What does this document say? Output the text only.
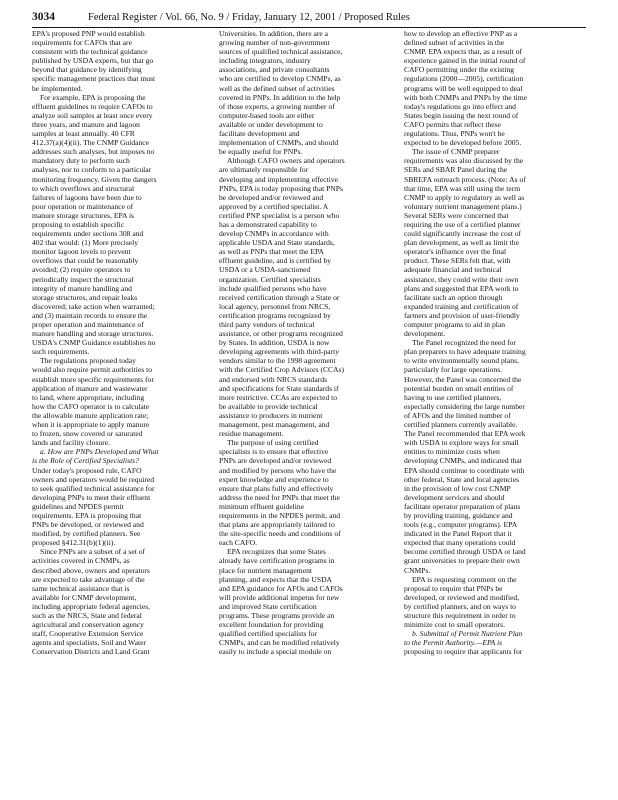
3034	Federal Register / Vol. 66, No. 9 / Friday, January 12, 2001 / Proposed Rules
EPA's proposed PNP would establish
requirements for CAFOs that are
consistent with the technical guidance
published by USDA experts, but that go
beyond that guidance by identifying
specific management practices that must
be implemented.
For example, EPA is proposing the
effluent guidelines to require CAFOs to
analyze soil samples at least once every
three years, and manure and lagoon
samples at least annually. 40 CFR
412.37(a)(4)(ii). The CNMP Guidance
addresses such analyses, but imposes no
mandatory duty to perform such
analyses, nor to conform to a particular
monitoring frequency. Given the dangers
to which overflows and structural
failures of lagoons have been due to
poor operation or maintenance of
manure storage structures, EPA is
proposing to establish specific
requirements under sections 308 and
402 that would: (1) More precisely
monitor lagoon levels to prevent
overflows that could be reasonably
avoided; (2) require operators to
periodically inspect the structural
integrity of manure handling and
storage structures, and repair leaks
discovered; take action when warranted;
and (3) maintain records to ensure the
proper operation and maintenance of
manure handling and storage structures.
USDA's CNMP Guidance establishes no
such requirements.
The regulations proposed today
would also require permit authorities to
establish more specific requirements for
application of manure and wastewater
to land, where appropriate, including
how the CAFO operator is to calculate
the allowable manure application rate;
when it is appropriate to apply manure
to frozen, snow covered or saturated
lands and facility closure.
a. How are PNPs Developed and What
is the Role of Certified Specialists?
Under today's proposed rule, CAFO
owners and operators would be required
to seek qualified technical assistance for
developing PNPs to meet their effluent
guidelines and NPDES permit
requirements. EPA is proposing that
PNPs be developed, or reviewed and
modified, by certified planners. See
proposed §412.31(b)(1)(ii).
Since PNPs are a subset of a set of
activities covered in CNMPs, as
described above, owners and operators
are expected to take advantage of the
same technical assistance that is
available for CNMP development,
including appropriate federal agencies,
such as the NRCS, State and federal
agricultural and conservation agency
staff, Cooperative Extension Service
agents and specialists, Soil and Water
Conservation Districts and Land Grant
Universities. In addition, there are a
growing number of non-government
sources of qualified technical assistance,
including integrators, industry
associations, and private consultants
who are certified to develop CNMPs, as
well as the defined subset of activities
covered in PNPs. In addition to the help
of those experts, a growing number of
computer-based tools are either
available or under development to
facilitate development and
implementation of CNMPs, and should
be equally useful for PNPs.
Although CAFO owners and operators
are ultimately responsible for
developing and implementing effective
PNPs, EPA is today proposing that PNPs
be developed and/or reviewed and
approved by a certified specialist. A
certified PNP specialist is a person who
has a demonstrated capability to
develop CNMPs in accordance with
applicable USDA and State standards,
as well as PNPs that meet the EPA
effluent guideline, and is certified by
USDA or a USDA-sanctioned
organization. Certified specialists
include qualified persons who have
received certification through a State or
local agency, personnel from NRCS,
certification programs recognized by
third party vendors of technical
assistance, or other programs recognized
by States. In addition, USDA is now
developing agreements with third-party
vendors similar to the 1998 agreement
with the Certified Crop Advisors (CCAs)
and endorsed with NRCS standards
and specifications for State standards if
more restrictive. CCAs are expected to
be available to provide technical
assistance to producers in nutrient
management, pest management, and
residue management.
The purpose of using certified
specialists is to ensure that effective
PNPs are developed and/or reviewed
and modified by persons who have the
expert knowledge and experience to
ensure that plans fully and effectively
address the need for PNPs that meet the
minimum effluent guideline
requirements in the NPDES permit, and
that plans are appropriately tailored to
the site-specific needs and conditions of
each CAFO.
EPA recognizes that some States
already have certification programs in
place for nutrient management
planning, and expects that the USDA
and EPA guidance for AFOs and CAFOs
will provide additional impetus for new
and improved State certification
programs. These programs provide an
excellent foundation for providing
qualified certified specialists for
CNMPs, and can be modified relatively
easily to include a special module on
how to develop an effective PNP as a
defined subset of activities in the
CNMP. EPA expects that, as a result of
experience gained in the initial round of
CAFO permitting under the existing
regulations (2000—2005), certification
programs will be well equipped to deal
with both CNMPs and PNPs by the time
today's regulations go into effect and
States begin issuing the next round of
CAFO permits that reflect these
regulations. Thus, PNPs won't be
expected to be developed before 2005.
The issue of CNMP preparer
requirements was also discussed by the
SERs and SBAR Panel during the
SBREFA outreach process. (Note: As of
that time, EPA was still using the term
CNMP to apply to regulatory as well as
voluntary nutrient management plans.)
Several SERs were concerned that
requiring the use of a certified planner
could significantly increase the cost of
plan development, as well as limit the
operator's influence over the final
product. These SERs felt that, with
adequate financial and technical
assistance, they could write their own
plans and suggested that EPA work to
facilitate such an option through
expanded training and certification of
farmers and provision of user-friendly
computer programs to aid in plan
development.
The Panel recognized the need for
plan preparers to have adequate training
to write environmentally sound plans,
particularly for large operations.
However, the Panel was concerned the
potential burden on small entities of
having to use certified planners,
especially considering the large number
of AFOs and the limited number of
certified planners currently available.
The Panel recommended that EPA work
with USDA to explore ways for small
entities to minimize costs when
developing CNMPs, and indicated that
EPA should continue to coordinate with
other federal, State and local agencies
in the provision of low cost CNMP
development services and should
facilitate operator preparation of plans
by providing training, guidance and
tools (e.g., computer programs). EPA
indicated in the Panel Report that it
expected that many operations could
become certified through USDA or land
grant universities to prepare their own
CNMPs.
EPA is requesting comment on the
proposal to require that PNPs be
developed, or reviewed and modified,
by certified planners, and on ways to
structure this requirement in order to
minimize cost to small operators.
b. Submittal of Permit Nutrient Plan
to the Permit Authority.—EPA is
proposing to require that applicants for
